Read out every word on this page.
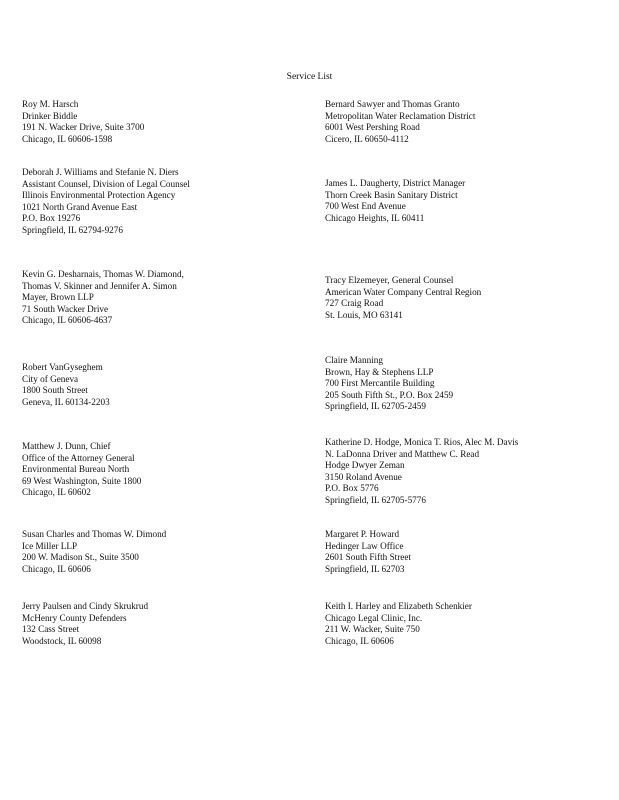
Service List
Roy M. Harsch
Drinker Biddle
191 N. Wacker Drive, Suite 3700
Chicago, IL 60606-1598
Deborah J. Williams and Stefanie N. Diers
Assistant Counsel, Division of Legal Counsel
Illinois Environmental Protection Agency
1021 North Grand Avenue East
P.O. Box 19276
Springfield, IL 62794-9276
Kevin G. Desharnais, Thomas W. Diamond,
Thomas V. Skinner and Jennifer A. Simon
Mayer, Brown LLP
71 South Wacker Drive
Chicago, IL 60606-4637
Robert VanGyseghem
City of Geneva
1800 South Street
Geneva, IL 60134-2203
Matthew J. Dunn, Chief
Office of the Attorney General
Environmental Bureau North
69 West Washington, Suite 1800
Chicago, IL 60602
Susan Charles and Thomas W. Dimond
Ice Miller LLP
200 W. Madison St., Suite 3500
Chicago, IL 60606
Jerry Paulsen and Cindy Skrukrud
McHenry County Defenders
132 Cass Street
Woodstock, IL 60098
Bernard Sawyer and Thomas Granto
Metropolitan Water Reclamation District
6001 West Pershing Road
Cicero, IL 60650-4112
James L. Daugherty, District Manager
Thorn Creek Basin Sanitary District
700 West End Avenue
Chicago Heights, IL 60411
Tracy Elzemeyer, General Counsel
American Water Company Central Region
727 Craig Road
St. Louis, MO 63141
Claire Manning
Brown, Hay & Stephens LLP
700 First Mercantile Building
205 South Fifth St., P.O. Box 2459
Springfield, IL 62705-2459
Katherine D. Hodge, Monica T. Rios, Alec M. Davis
N. LaDonna Driver and Matthew C. Read
Hodge Dwyer Zeman
3150 Roland Avenue
P.O. Box 5776
Springfield, IL 62705-5776
Margaret P. Howard
Hedinger Law Office
2601 South Fifth Street
Springfield, IL 62703
Keith I. Harley and Elizabeth Schenkier
Chicago Legal Clinic, Inc.
211 W. Wacker, Suite 750
Chicago, IL 60606
